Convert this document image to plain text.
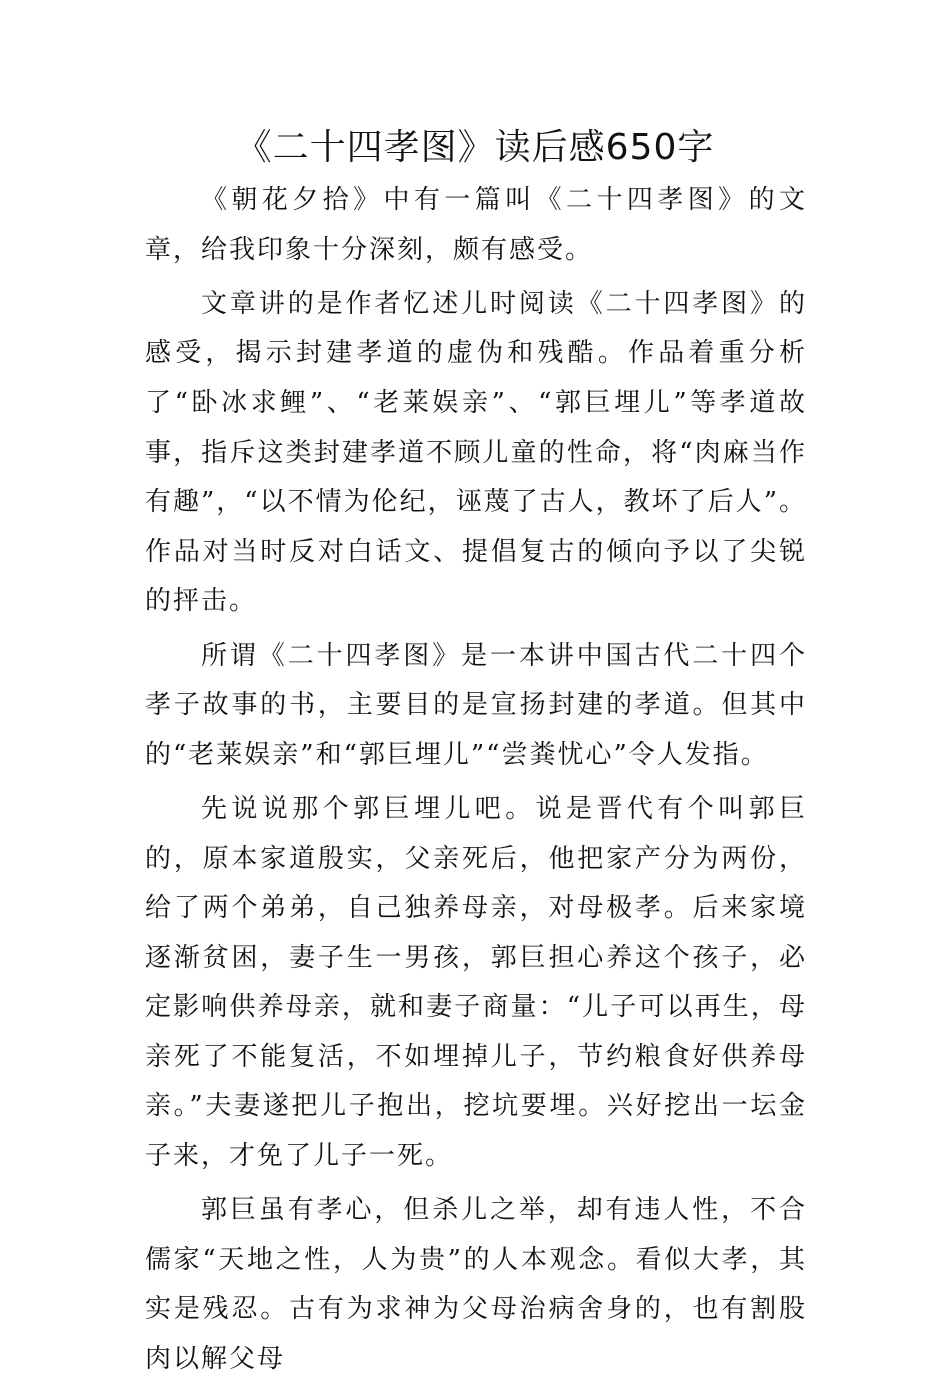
《二十四孝图》读后感650字

《朝花夕拾》中有一篇叫《二十四孝图》的文章，给我印象十分深刻，颇有感受。

文章讲的是作者忆述儿时阅读《二十四孝图》的感受，揭示封建孝道的虚伪和残酷。作品着重分析了“卧冰求鲤”、“老莱娱亲”、“郭巨埋儿”等孝道故事，指斥这类封建孝道不顾儿童的性命，将“肉麻当作有趣”，“以不情为伦纪，诬蔑了古人，教坏了后人”。作品对当时反对白话文、提倡复古的倾向予以了尖锐的抨击。

所谓《二十四孝图》是一本讲中国古代二十四个孝子故事的书，主要目的是宣扬封建的孝道。但其中的“老莱娱亲”和“郭巨埋儿”“尝粪忧心”令人发指。

先说说那个郭巨埋儿吧。说是晋代有个叫郭巨的，原本家道殷实，父亲死后，他把家产分为两份，给了两个弟弟，自己独养母亲，对母极孝。后来家境逐渐贫困，妻子生一男孩，郭巨担心养这个孩子，必定影响供养母亲，就和妻子商量：“儿子可以再生，母亲死了不能复活，不如埋掉儿子，节约粮食好供养母亲。”夫妻遂把儿子抱出，挖坑要埋。兴好挖出一坛金子来，才免了儿子一死。

郭巨虽有孝心，但杀儿之举，却有违人性，不合儒家“天地之性，人为贵”的人本观念。看似大孝，其实是残忍。古有为求神为父母治病舍身的，也有割股肉以解父母
